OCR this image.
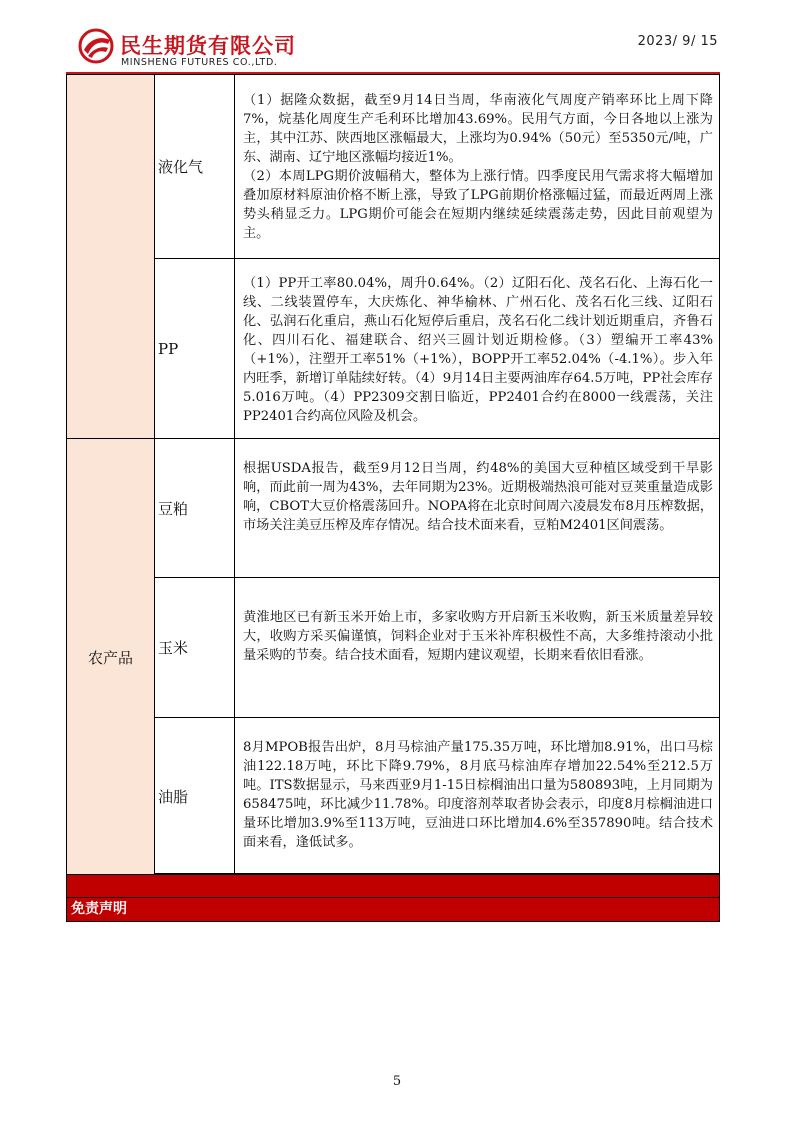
民生期货有限公司
MINSHENG FUTURES CO.,LTD.
2023/ 9/ 15
农产品
液化气
（1）据隆众数据，截至9月14日当周，华南液化气周度产销率环比上周下降7%，烷基化周度生产毛利环比增加43.69%。民用气方面，今日各地以上涨为主，其中江苏、陕西地区涨幅最大，上涨均为0.94%（50元）至5350元/吨，广东、湖南、辽宁地区涨幅均接近1%。
（2）本周LPG期价波幅稍大，整体为上涨行情。四季度民用气需求将大幅增加叠加原材料原油价格不断上涨，导致了LPG前期价格涨幅过猛，而最近两周上涨势头稍显乏力。LPG期价可能会在短期内继续延续震荡走势，因此目前观望为主。
PP
（1）PP开工率80.04%，周升0.64%。（2）辽阳石化、茂名石化、上海石化一线、二线装置停车，大庆炼化、神华榆林、广州石化、茂名石化三线、辽阳石化、弘润石化重启，燕山石化短停后重启，茂名石化二线计划近期重启，齐鲁石化、四川石化、福建联合、绍兴三圆计划近期检修。（3）塑编开工率43%（+1%），注塑开工率51%（+1%），BOPP开工率52.04%（-4.1%）。步入年内旺季，新增订单陆续好转。（4）9月14日主要两油库存64.5万吨，PP社会库存5.016万吨。（4）PP2309交割日临近，PP2401合约在8000一线震荡，关注PP2401合约高位风险及机会。
豆粕
根据USDA报告，截至9月12日当周，约48%的美国大豆种植区域受到干旱影响，而此前一周为43%，去年同期为23%。近期极端热浪可能对豆荚重量造成影响，CBOT大豆价格震荡回升。NOPA将在北京时间周六凌晨发布8月压榨数据，市场关注美豆压榨及库存情况。结合技术面来看，豆粕M2401区间震荡。
玉米
黄淮地区已有新玉米开始上市，多家收购方开启新玉米收购，新玉米质量差异较大，收购方采买偏谨慎，饲料企业对于玉米补库积极性不高，大多维持滚动小批量采购的节奏。结合技术面看，短期内建议观望，长期来看依旧看涨。
油脂
8月MPOB报告出炉，8月马棕油产量175.35万吨，环比增加8.91%，出口马棕油122.18万吨，环比下降9.79%，8月底马棕油库存增加22.54%至212.5万吨。ITS数据显示，马来西亚9月1-15日棕榈油出口量为580893吨，上月同期为658475吨，环比减少11.78%。印度溶剂萃取者协会表示，印度8月棕榈油进口量环比增加3.9%至113万吨，豆油进口环比增加4.6%至357890吨。结合技术面来看，逢低试多。
免责声明
5
